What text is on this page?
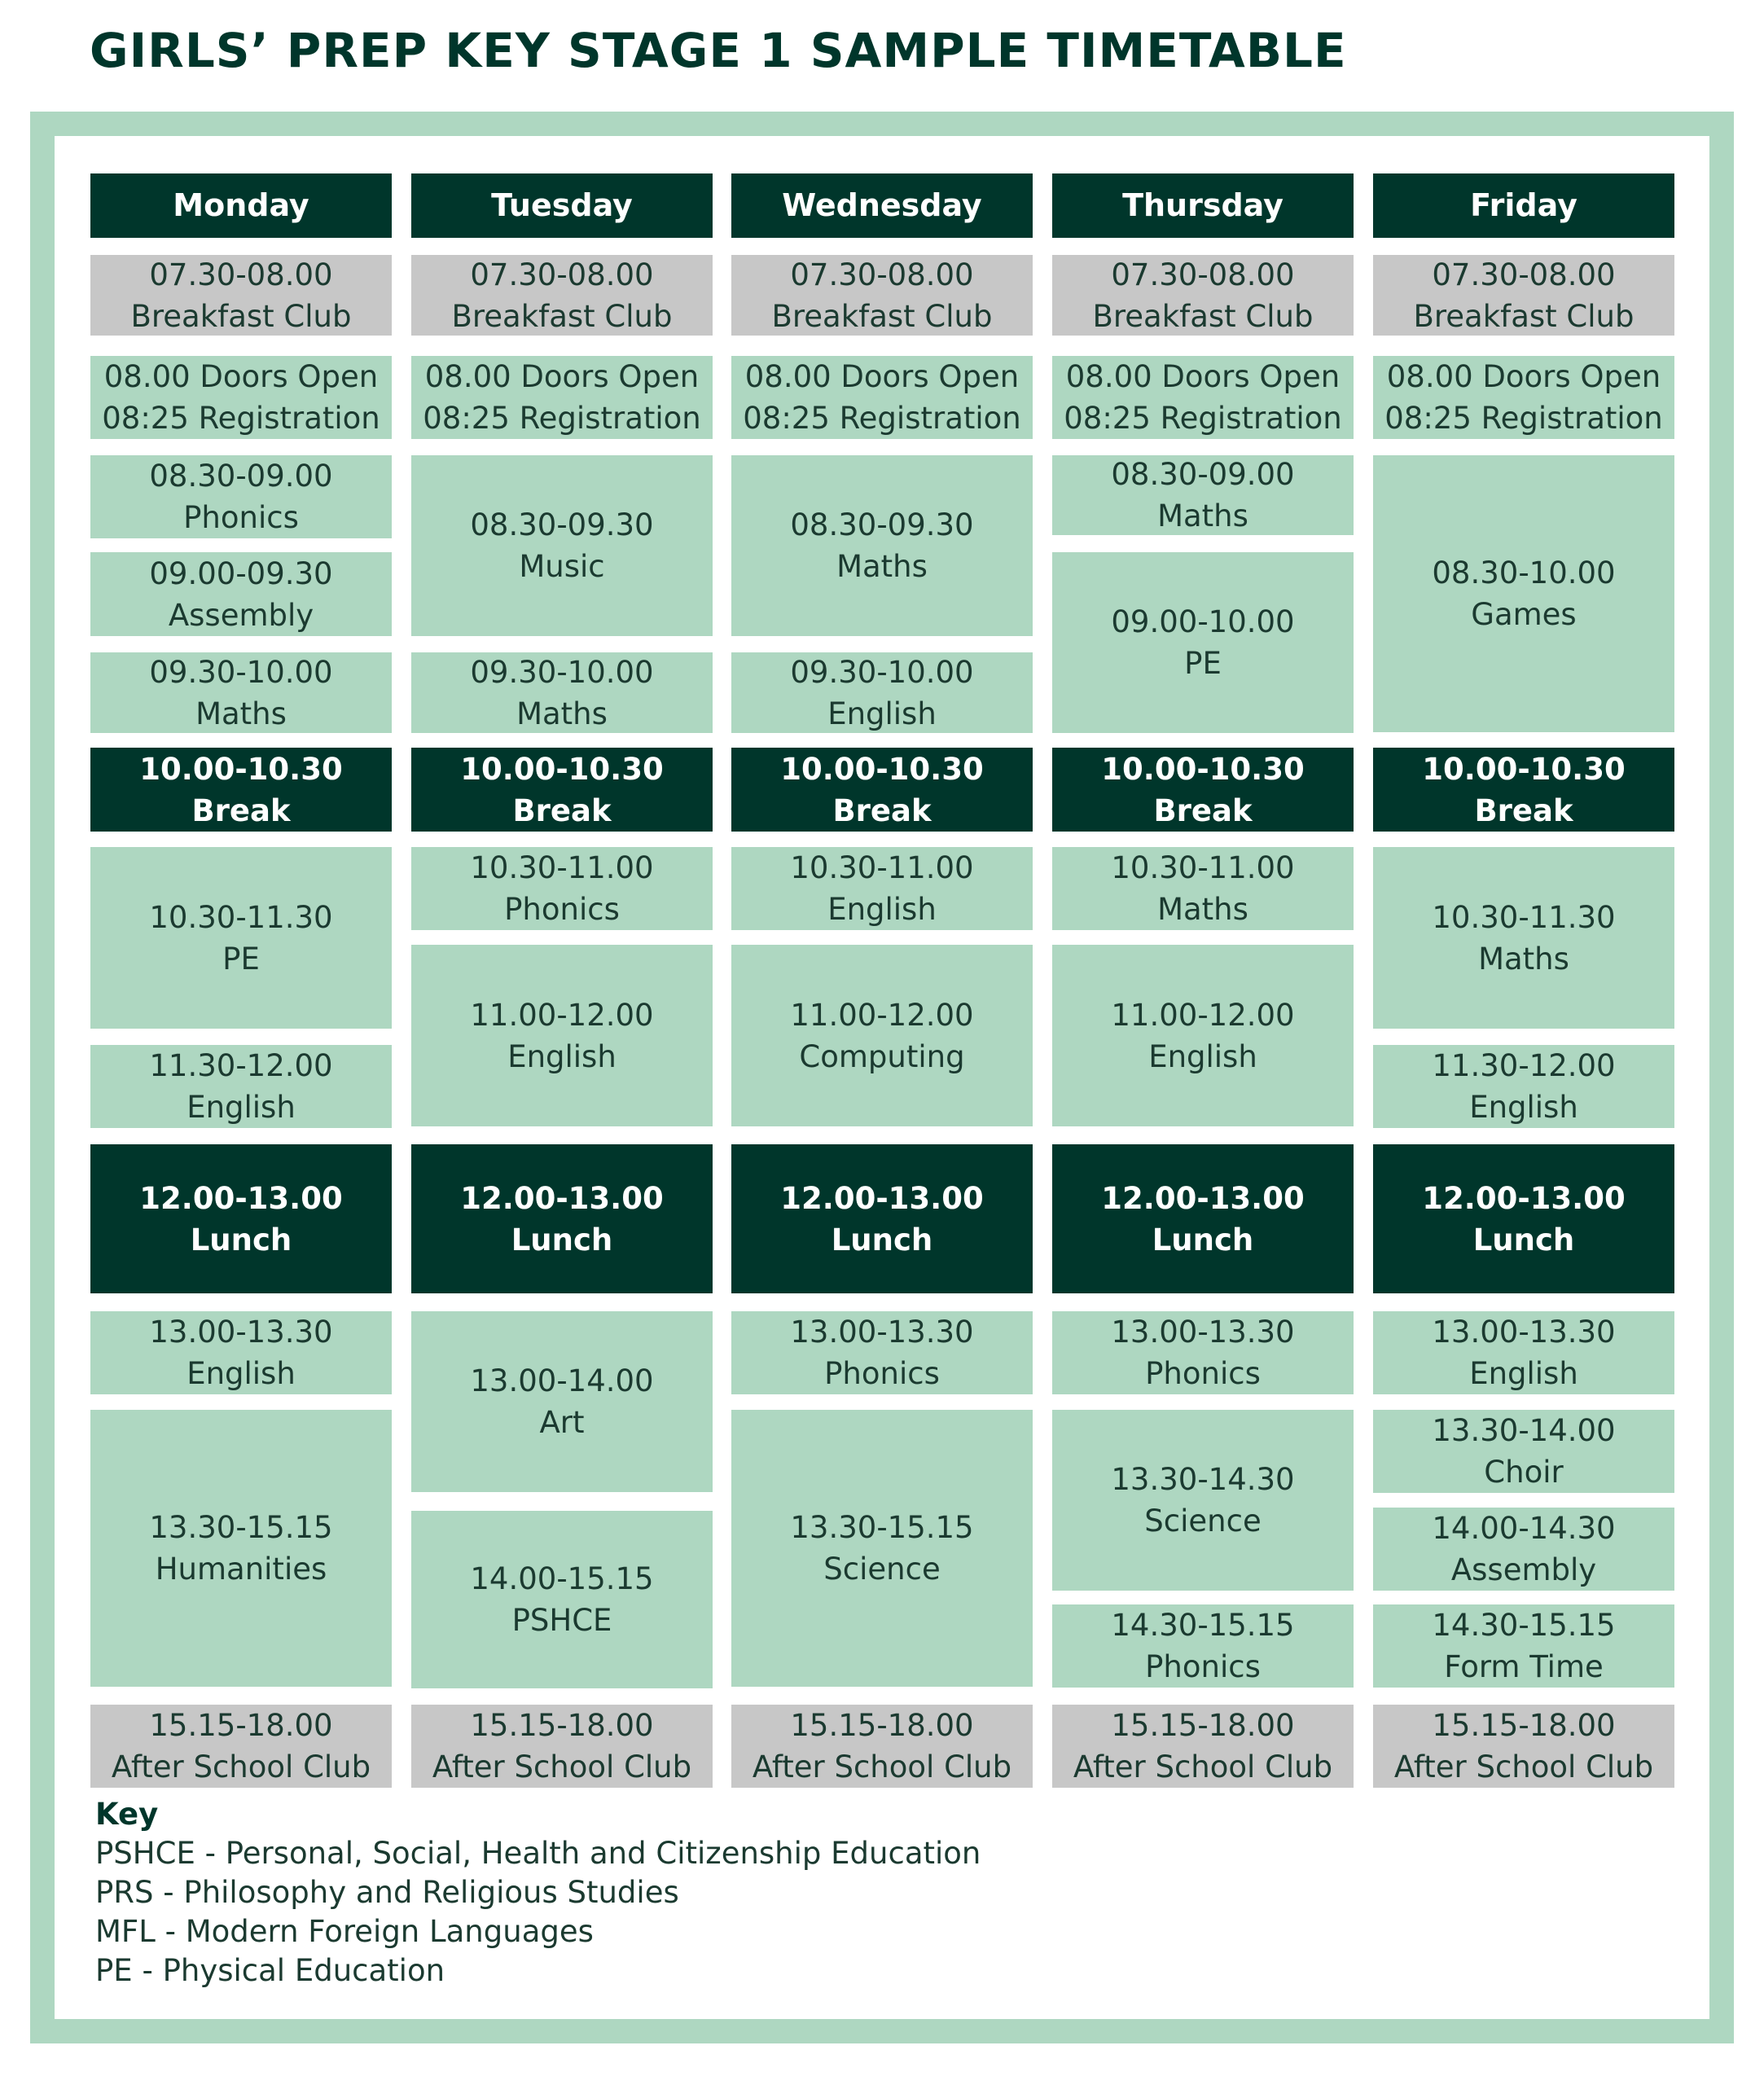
GIRLS’ PREP KEY STAGE 1 SAMPLE TIMETABLE
Monday
07.30-08.00
Breakfast Club
08.00 Doors Open
08:25 Registration
08.30-09.00
Phonics
09.00-09.30
Assembly
09.30-10.00
Maths
10.00-10.30
Break
10.30-11.30
PE
11.30-12.00
English
12.00-13.00
Lunch
13.00-13.30
English
13.30-15.15
Humanities
15.15-18.00
After School Club
Tuesday
07.30-08.00
Breakfast Club
08.00 Doors Open
08:25 Registration
08.30-09.30
Music
09.30-10.00
Maths
10.00-10.30
Break
10.30-11.00
Phonics
11.00-12.00
English
12.00-13.00
Lunch
13.00-14.00
Art
14.00-15.15
PSHCE
15.15-18.00
After School Club
Wednesday
07.30-08.00
Breakfast Club
08.00 Doors Open
08:25 Registration
08.30-09.30
Maths
09.30-10.00
English
10.00-10.30
Break
10.30-11.00
English
11.00-12.00
Computing
12.00-13.00
Lunch
13.00-13.30
Phonics
13.30-15.15
Science
15.15-18.00
After School Club
Thursday
07.30-08.00
Breakfast Club
08.00 Doors Open
08:25 Registration
08.30-09.00
Maths
09.00-10.00
PE
10.00-10.30
Break
10.30-11.00
Maths
11.00-12.00
English
12.00-13.00
Lunch
13.00-13.30
Phonics
13.30-14.30
Science
14.30-15.15
Phonics
15.15-18.00
After School Club
Friday
07.30-08.00
Breakfast Club
08.00 Doors Open
08:25 Registration
08.30-10.00
Games
10.00-10.30
Break
10.30-11.30
Maths
11.30-12.00
English
12.00-13.00
Lunch
13.00-13.30
English
13.30-14.00
Choir
14.00-14.30
Assembly
14.30-15.15
Form Time
15.15-18.00
After School Club
Key
PSHCE - Personal, Social, Health and Citizenship Education
PRS - Philosophy and Religious Studies
MFL - Modern Foreign Languages
PE - Physical Education
